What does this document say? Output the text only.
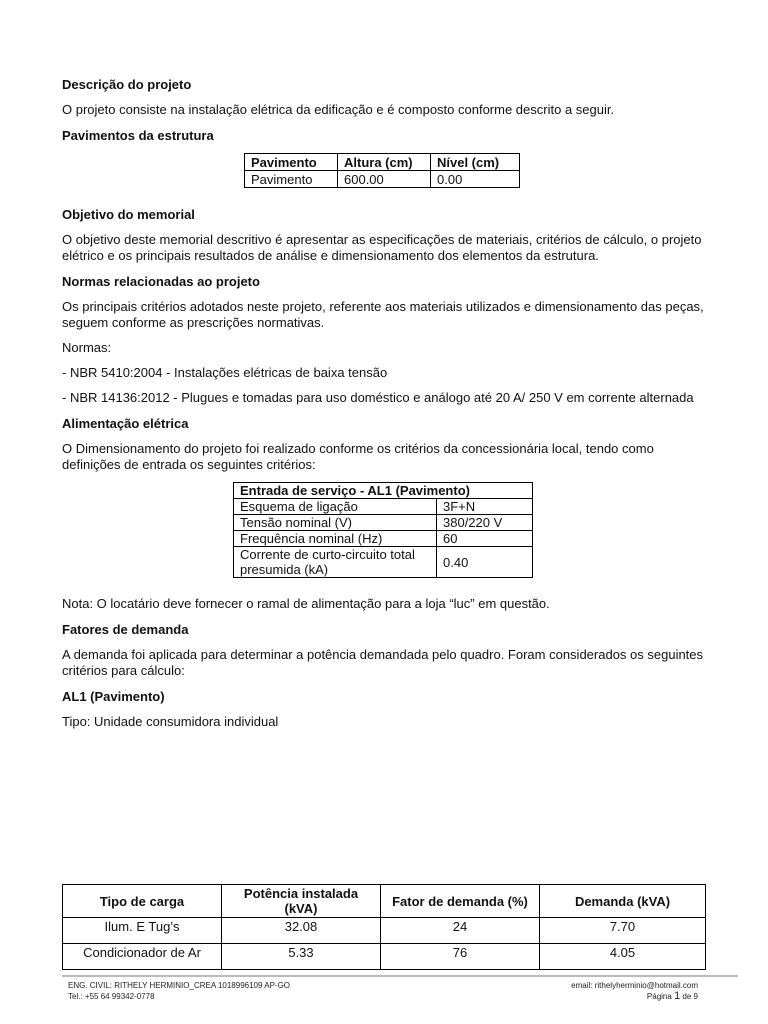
Descrição do projeto

O projeto consiste na instalação elétrica da edificação e é composto conforme descrito a seguir.

Pavimentos da estrutura
Pavimento	Altura (cm)	Nível (cm)
Pavimento	600.00	0.00
Objetivo do memorial

O objetivo deste memorial descritivo é apresentar as especificações de materiais, critérios de cálculo, o projeto elétrico e os principais resultados de análise e dimensionamento dos elementos da estrutura.

Normas relacionadas ao projeto

Os principais critérios adotados neste projeto, referente aos materiais utilizados e dimensionamento das peças, seguem conforme as prescrições normativas.

Normas:

- NBR 5410:2004 - Instalações elétricas de baixa tensão

- NBR 14136:2012 - Plugues e tomadas para uso doméstico e análogo até 20 A/ 250 V em corrente alternada

Alimentação elétrica

O Dimensionamento do projeto foi realizado conforme os critérios da concessionária local, tendo como definições de entrada os seguintes critérios:

Entrada de serviço - AL1 (Pavimento)	
Esquema de ligação	3F+N
Tensão nominal (V)	380/220 V
Frequência nominal (Hz)	60
Corrente de curto-circuito total presumida (kA)	0.40

Nota: O locatário deve fornecer o ramal de alimentação para a loja “luc” em questão.

Fatores de demanda

A demanda foi aplicada para determinar a potência demandada pelo quadro. Foram considerados os seguintes critérios para cálculo:

AL1 (Pavimento)

Tipo: Unidade consumidora individual

Tipo de carga	Potência instalada (kVA)	Fator de demanda (%)	Demanda (kVA)
Ilum. E Tug’s	32.08	24	7.70
Condicionador de Ar	5.33	76	4.05
ENG. CIVIL: RITHELY HERMINIO_CREA 1018996109 AP-GO
Tel.: +55 64 99342-0778
email: rithelyherminio@hotmail.com
Página 1 de 9
